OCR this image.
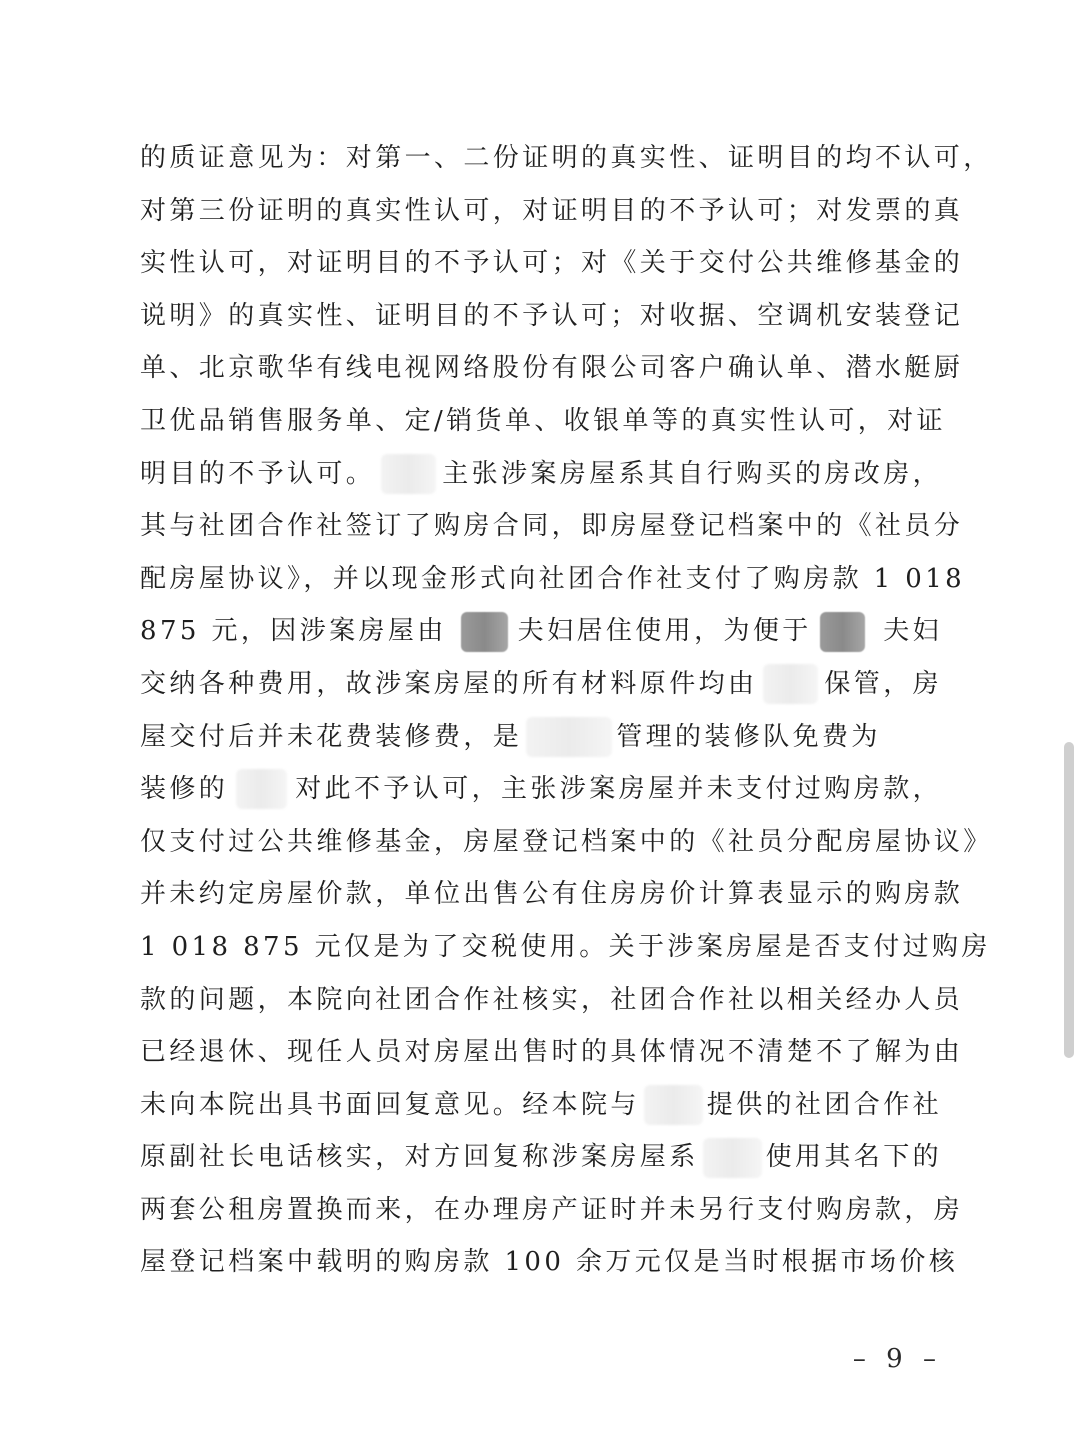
的质证意见为：对第一、二份证明的真实性、证明目的均不认可，
对第三份证明的真实性认可，对证明目的不予认可；对发票的真
实性认可，对证明目的不予认可；对《关于交付公共维修基金的
说明》的真实性、证明目的不予认可；对收据、空调机安装登记
单、北京歌华有线电视网络股份有限公司客户确认单、潜水艇厨
卫优品销售服务单、定/销货单、收银单等的真实性认可，对证
明目的不予认可。	主张涉案房屋系其自行购买的房改房，
其与社团合作社签订了购房合同，即房屋登记档案中的《社员分
配房屋协议》，并以现金形式向社团合作社支付了购房款 1 018
875 元，因涉案房屋由	夫妇居住使用，为便于	夫妇
交纳各种费用，故涉案房屋的所有材料原件均由	保管，房
屋交付后并未花费装修费，是	管理的装修队免费为
装修的	对此不予认可，主张涉案房屋并未支付过购房款，
仅支付过公共维修基金，房屋登记档案中的《社员分配房屋协议》
并未约定房屋价款，单位出售公有住房房价计算表显示的购房款
1 018 875 元仅是为了交税使用。关于涉案房屋是否支付过购房
款的问题，本院向社团合作社核实，社团合作社以相关经办人员
已经退休、现任人员对房屋出售时的具体情况不清楚不了解为由
未向本院出具书面回复意见。经本院与	提供的社团合作社
原副社长电话核实，对方回复称涉案房屋系	使用其名下的
两套公租房置换而来，在办理房产证时并未另行支付购房款，房
屋登记档案中载明的购房款 100 余万元仅是当时根据市场价核
– 9 –
